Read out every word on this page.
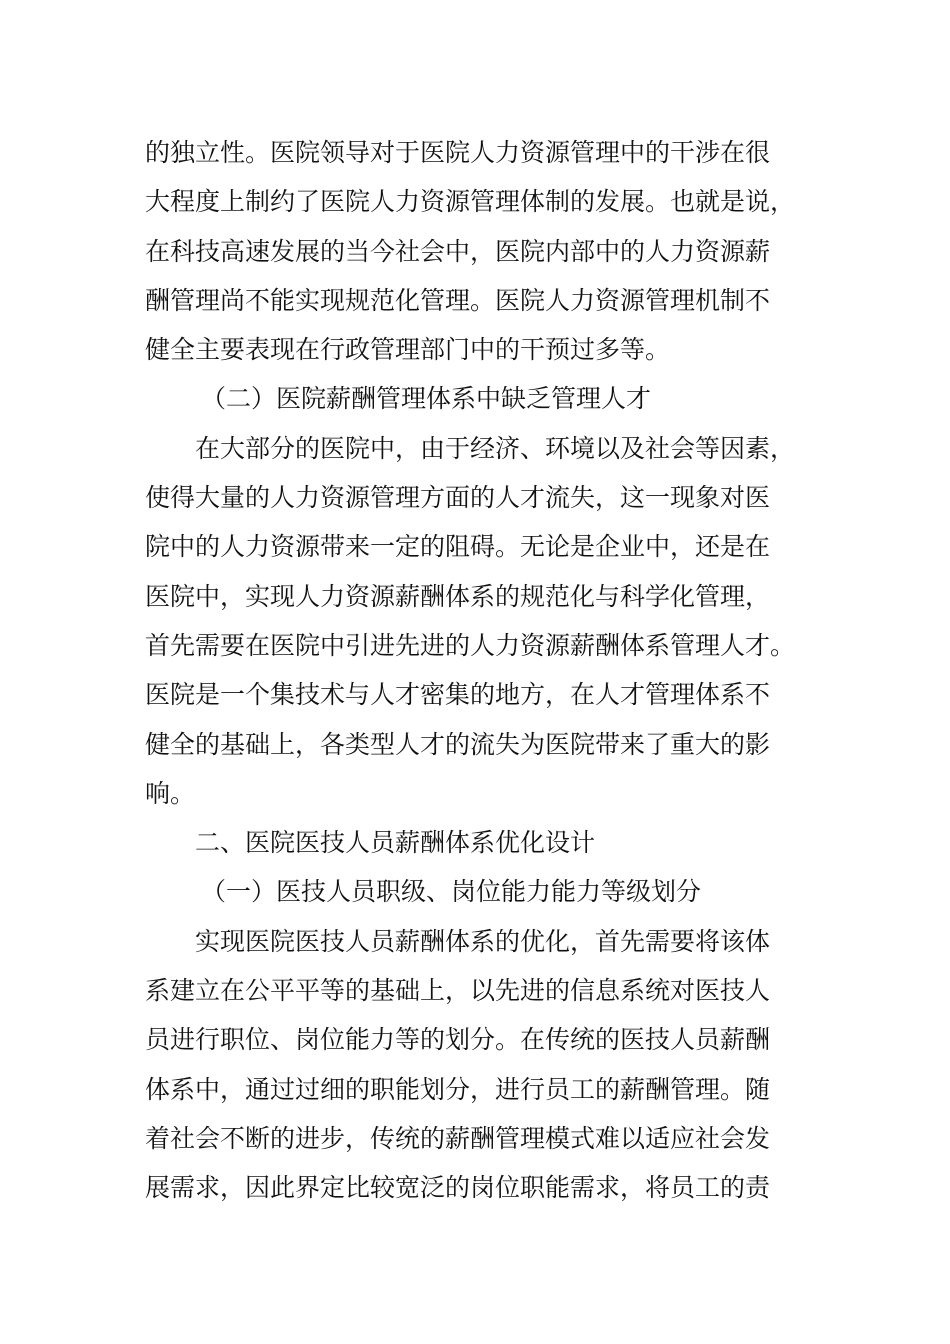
的独立性。医院领导对于医院人力资源管理中的干涉在很
大程度上制约了医院人力资源管理体制的发展。也就是说，
在科技高速发展的当今社会中，医院内部中的人力资源薪
酬管理尚不能实现规范化管理。医院人力资源管理机制不
健全主要表现在行政管理部门中的干预过多等。
（二）医院薪酬管理体系中缺乏管理人才
在大部分的医院中，由于经济、环境以及社会等因素，
使得大量的人力资源管理方面的人才流失，这一现象对医
院中的人力资源带来一定的阻碍。无论是企业中，还是在
医院中，实现人力资源薪酬体系的规范化与科学化管理，
首先需要在医院中引进先进的人力资源薪酬体系管理人才。
医院是一个集技术与人才密集的地方，在人才管理体系不
健全的基础上，各类型人才的流失为医院带来了重大的影
响。
二、医院医技人员薪酬体系优化设计
（一）医技人员职级、岗位能力能力等级划分
实现医院医技人员薪酬体系的优化，首先需要将该体
系建立在公平平等的基础上，以先进的信息系统对医技人
员进行职位、岗位能力等的划分。在传统的医技人员薪酬
体系中，通过过细的职能划分，进行员工的薪酬管理。随
着社会不断的进步，传统的薪酬管理模式难以适应社会发
展需求，因此界定比较宽泛的岗位职能需求，将员工的责
